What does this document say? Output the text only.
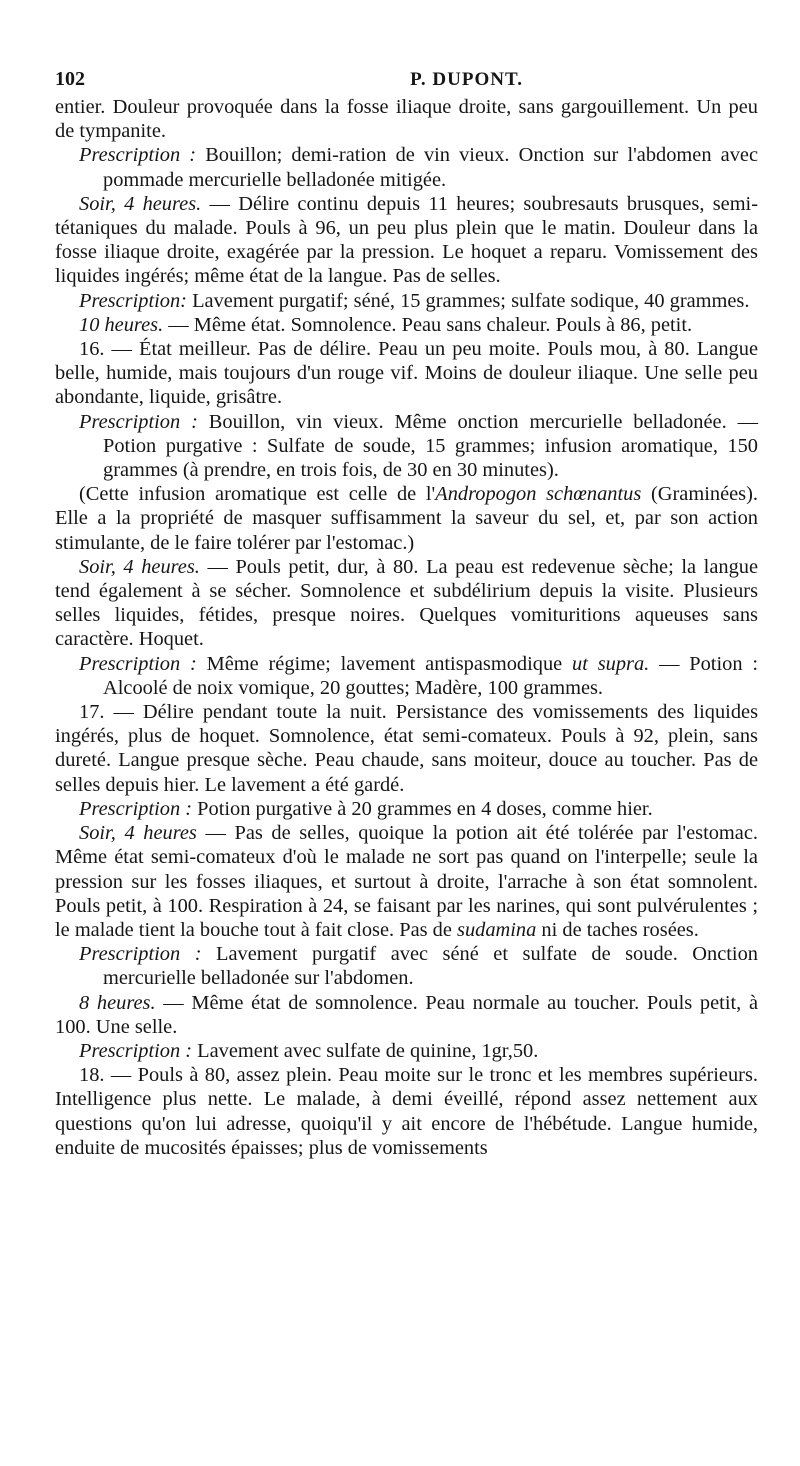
102	P. DUPONT.

entier. Douleur provoquée dans la fosse iliaque droite, sans gargouillement. Un peu de tympanite.

Prescription : Bouillon; demi-ration de vin vieux. Onction sur l'abdomen avec pommade mercurielle belladonée mitigée.

Soir, 4 heures. — Délire continu depuis 11 heures; soubresauts brusques, semi-tétaniques du malade. Pouls à 96, un peu plus plein que le matin. Douleur dans la fosse iliaque droite, exagérée par la pression. Le hoquet a reparu. Vomissement des liquides ingérés; même état de la langue. Pas de selles.

Prescription: Lavement purgatif; séné, 15 grammes; sulfate sodique, 40 grammes.

10 heures. — Même état. Somnolence. Peau sans chaleur. Pouls à 86, petit.

16. — État meilleur. Pas de délire. Peau un peu moite. Pouls mou, à 80. Langue belle, humide, mais toujours d'un rouge vif. Moins de douleur iliaque. Une selle peu abondante, liquide, grisâtre.

Prescription : Bouillon, vin vieux. Même onction mercurielle belladonée. — Potion purgative : Sulfate de soude, 15 grammes; infusion aromatique, 150 grammes (à prendre, en trois fois, de 30 en 30 minutes).

(Cette infusion aromatique est celle de l'Andropogon schœnantus (Graminées). Elle a la propriété de masquer suffisamment la saveur du sel, et, par son action stimulante, de le faire tolérer par l'estomac.)

Soir, 4 heures. — Pouls petit, dur, à 80. La peau est redevenue sèche; la langue tend également à se sécher. Somnolence et subdélirium depuis la visite. Plusieurs selles liquides, fétides, presque noires. Quelques vomituritions aqueuses sans caractère. Hoquet.

Prescription : Même régime; lavement antispasmodique ut supra. — Potion : Alcoolé de noix vomique, 20 gouttes; Madère, 100 grammes.

17. — Délire pendant toute la nuit. Persistance des vomissements des liquides ingérés, plus de hoquet. Somnolence, état semi-comateux. Pouls à 92, plein, sans dureté. Langue presque sèche. Peau chaude, sans moiteur, douce au toucher. Pas de selles depuis hier. Le lavement a été gardé.

Prescription : Potion purgative à 20 grammes en 4 doses, comme hier.

Soir, 4 heures — Pas de selles, quoique la potion ait été tolérée par l'estomac. Même état semi-comateux d'où le malade ne sort pas quand on l'interpelle; seule la pression sur les fosses iliaques, et surtout à droite, l'arrache à son état somnolent. Pouls petit, à 100. Respiration à 24, se faisant par les narines, qui sont pulvérulentes ; le malade tient la bouche tout à fait close. Pas de sudamina ni de taches rosées.

Prescription : Lavement purgatif avec séné et sulfate de soude. Onction mercurielle belladonée sur l'abdomen.

8 heures. — Même état de somnolence. Peau normale au toucher. Pouls petit, à 100. Une selle.

Prescription : Lavement avec sulfate de quinine, 1gr,50.

18. — Pouls à 80, assez plein. Peau moite sur le tronc et les membres supérieurs. Intelligence plus nette. Le malade, à demi éveillé, répond assez nettement aux questions qu'on lui adresse, quoiqu'il y ait encore de l'hébétude. Langue humide, enduite de mucosités épaisses; plus de vomissements
